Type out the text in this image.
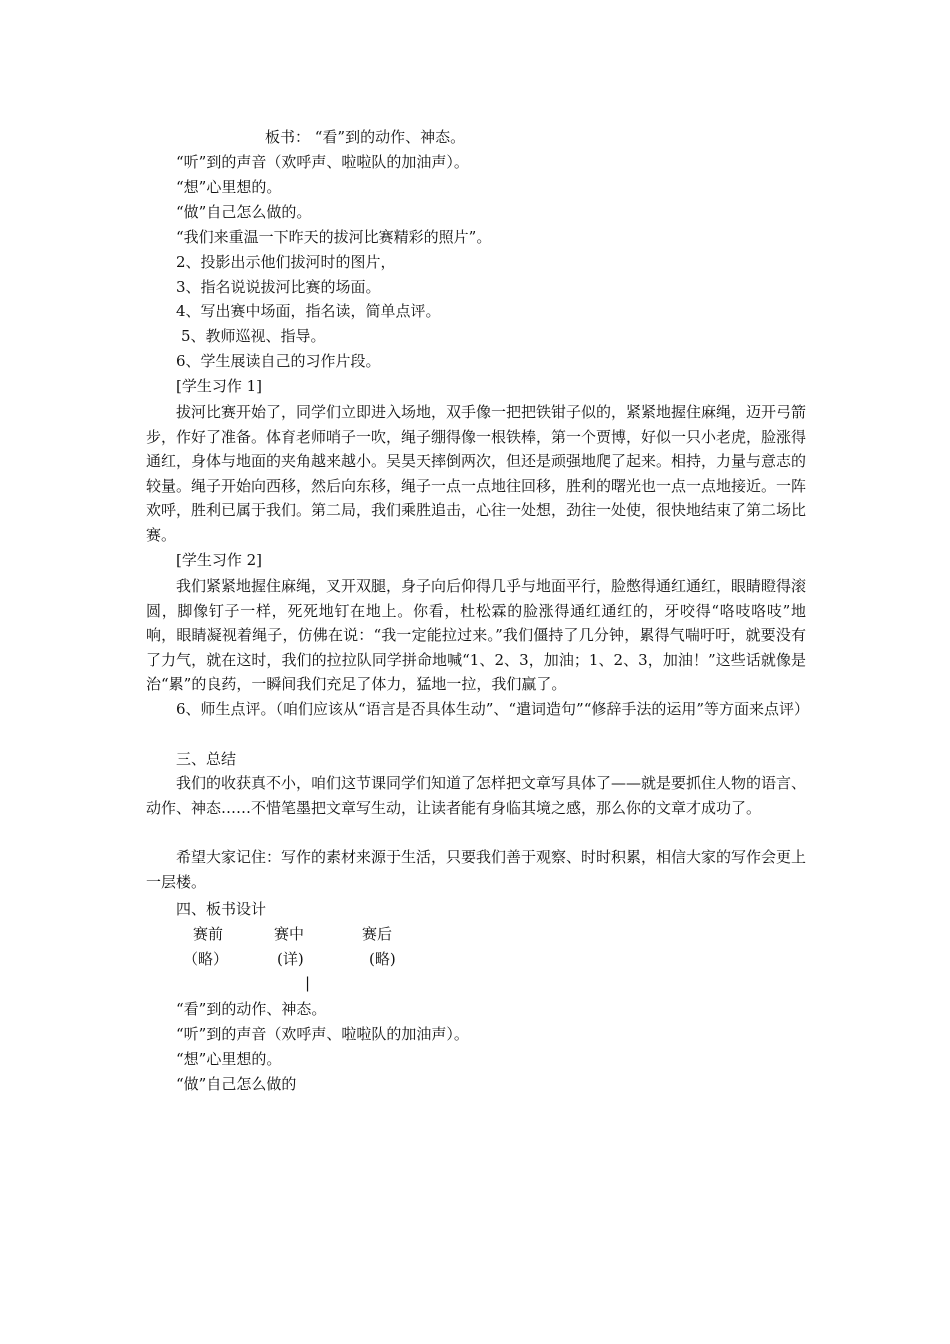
板书： “看”到的动作、神态。
“听”到的声音（欢呼声、啦啦队的加油声）。
“想”心里想的。
“做”自己怎么做的。
“我们来重温一下昨天的拔河比赛精彩的照片”。
2、投影出示他们拔河时的图片，
3、指名说说拔河比赛的场面。
4、写出赛中场面，指名读，简单点评。
5、教师巡视、指导。
6、学生展读自己的习作片段。
[学生习作 1]
拔河比赛开始了，同学们立即进入场地，双手像一把把铁钳子似的，紧紧地握住麻绳，迈开弓箭步，作好了准备。体育老师哨子一吹，绳子绷得像一根铁棒，第一个贾博，好似一只小老虎，脸涨得通红，身体与地面的夹角越来越小。吴昊天摔倒两次，但还是顽强地爬了起来。相持，力量与意志的较量。绳子开始向西移，然后向东移，绳子一点一点地往回移，胜利的曙光也一点一点地接近。一阵欢呼，胜利已属于我们。第二局，我们乘胜追击，心往一处想，劲往一处使，很快地结束了第二场比赛。
[学生习作 2]
我们紧紧地握住麻绳，叉开双腿，身子向后仰得几乎与地面平行，脸憋得通红通红，眼睛瞪得滚圆，脚像钉子一样，死死地钉在地上。你看，杜松霖的脸涨得通红通红的，牙咬得“咯吱咯吱”地响，眼睛凝视着绳子，仿佛在说：“我一定能拉过来。”我们僵持了几分钟，累得气喘吁吁，就要没有了力气，就在这时，我们的拉拉队同学拼命地喊“1、2、3，加油；1、2、3，加油！”这些话就像是治“累”的良药，一瞬间我们充足了体力，猛地一拉，我们赢了。
6、师生点评。（咱们应该从“语言是否具体生动”、“遣词造句”“修辞手法的运用”等方面来点评）
三、总结
我们的收获真不小，咱们这节课同学们知道了怎样把文章写具体了——就是要抓住人物的语言、动作、神态……不惜笔墨把文章写生动，让读者能有身临其境之感，那么你的文章才成功了。
希望大家记住：写作的素材来源于生活，只要我们善于观察、时时积累，相信大家的写作会更上一层楼。
四、板书设计
赛前	赛中	赛后
（略）	(详)	(略)
|
“看”到的动作、神态。
“听”到的声音（欢呼声、啦啦队的加油声）。
“想”心里想的。
“做”自己怎么做的
